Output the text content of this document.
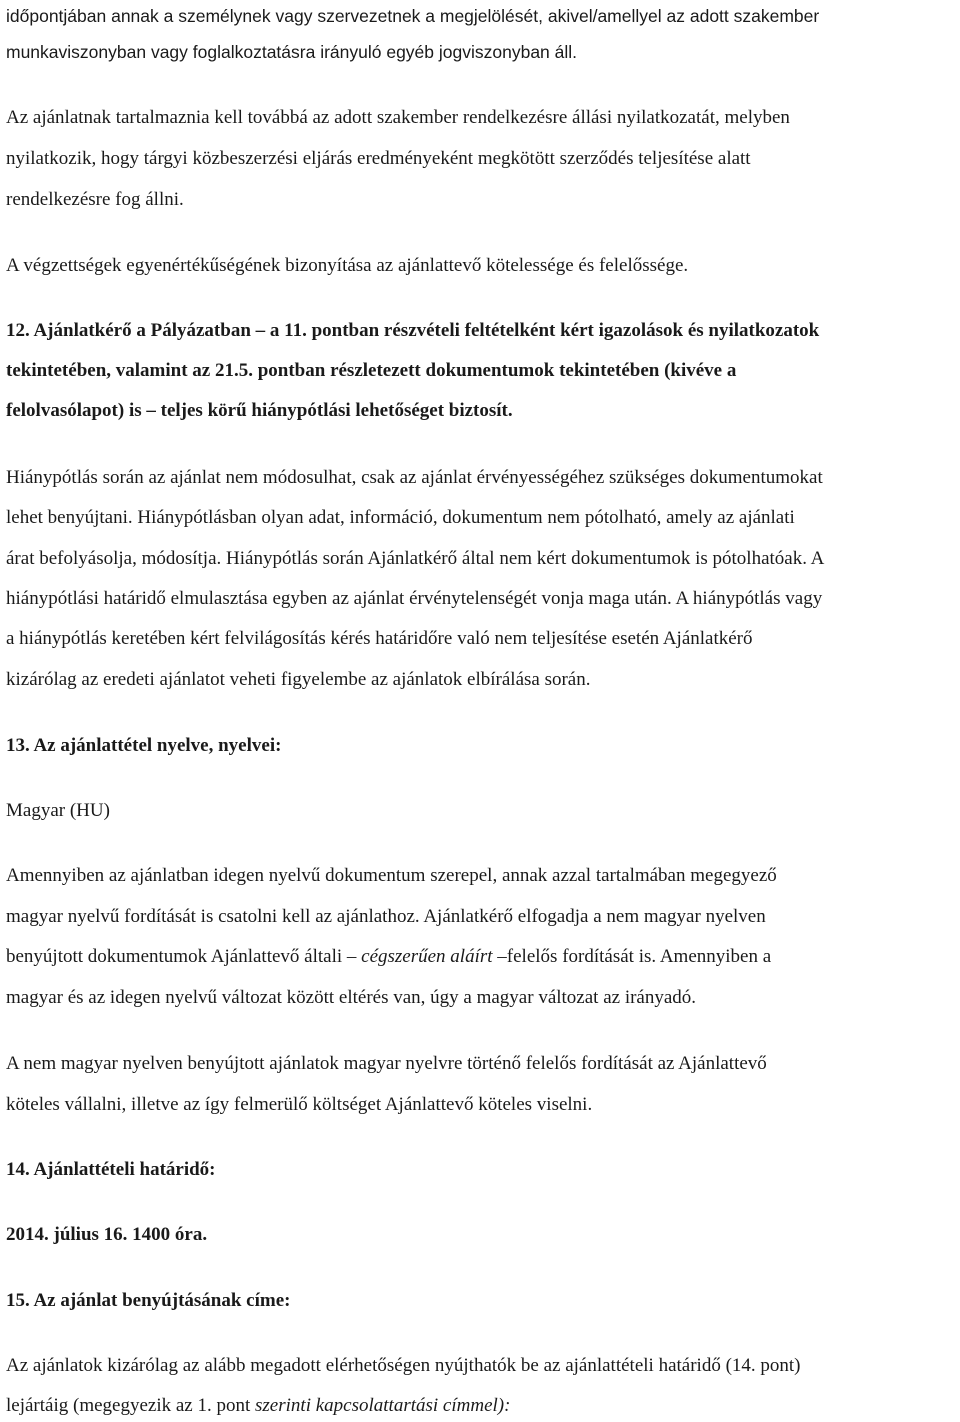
időpontjában annak a személynek vagy szervezetnek a megjelölését, akivel/amellyel az adott szakember
munkaviszonyban vagy foglalkoztatásra irányuló egyéb jogviszonyban áll.
Az ajánlatnak tartalmaznia kell továbbá az adott szakember rendelkezésre állási nyilatkozatát, melyben
nyilatkozik, hogy tárgyi közbeszerzési eljárás eredményeként megkötött szerződés teljesítése alatt
rendelkezésre fog állni.
A végzettségek egyenértékűségének bizonyítása az ajánlattevő kötelessége és felelőssége.
12. Ajánlatkérő a Pályázatban – a 11. pontban részvételi feltételként kért igazolások és nyilatkozatok
tekintetében, valamint az 21.5. pontban részletezett dokumentumok tekintetében (kivéve a
felolvasólapot) is – teljes körű hiánypótlási lehetőséget biztosít.
Hiánypótlás során az ajánlat nem módosulhat, csak az ajánlat érvényességéhez szükséges dokumentumokat
lehet benyújtani. Hiánypótlásban olyan adat, információ, dokumentum nem pótolható, amely az ajánlati
árat befolyásolja, módosítja. Hiánypótlás során Ajánlatkérő által nem kért dokumentumok is pótolhatóak. A
hiánypótlási határidő elmulasztása egyben az ajánlat érvénytelenségét vonja maga után. A hiánypótlás vagy
a hiánypótlás keretében kért felvilágosítás kérés határidőre való nem teljesítése esetén Ajánlatkérő
kizárólag az eredeti ajánlatot veheti figyelembe az ajánlatok elbírálása során.
13. Az ajánlattétel nyelve, nyelvei:
Magyar (HU)
Amennyiben az ajánlatban idegen nyelvű dokumentum szerepel, annak azzal tartalmában megegyező
magyar nyelvű fordítását is csatolni kell az ajánlathoz. Ajánlatkérő elfogadja a nem magyar nyelven
benyújtott dokumentumok Ajánlattevő általi – cégszerűen aláírt –felelős fordítását is. Amennyiben a
magyar és az idegen nyelvű változat között eltérés van, úgy a magyar változat az irányadó.
A nem magyar nyelven benyújtott ajánlatok magyar nyelvre történő felelős fordítását az Ajánlattevő
köteles vállalni, illetve az így felmerülő költséget Ajánlattevő köteles viselni.
14. Ajánlattételi határidő:
2014. július 16. 1400 óra.
15. Az ajánlat benyújtásának címe:
Az ajánlatok kizárólag az alább megadott elérhetőségen nyújthatók be az ajánlattételi határidő (14. pont)
lejártáig (megegyezik az 1. pont szerinti kapcsolattartási címmel):
